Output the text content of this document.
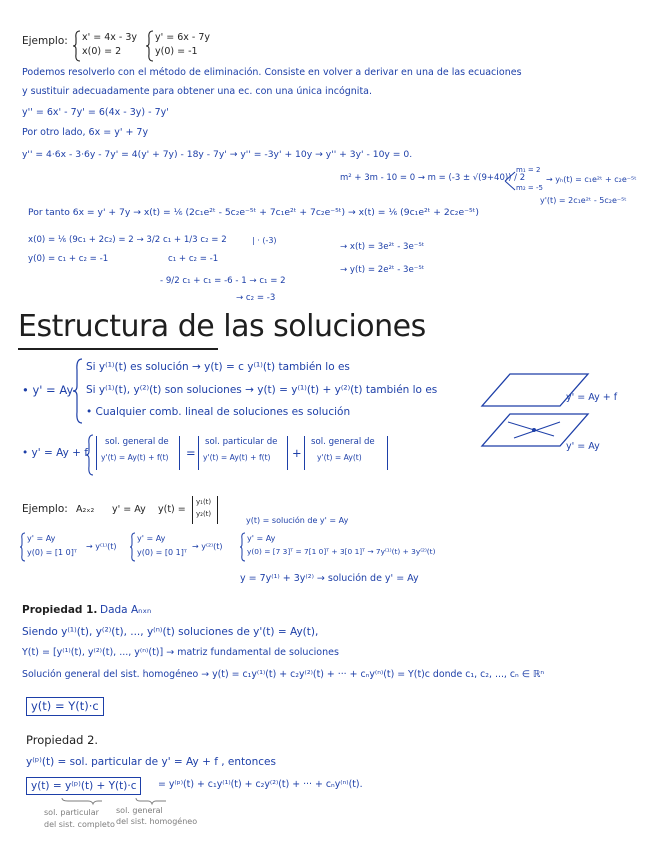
Ejemplo: x' = 4x - 3y
x(0) = 2
y' = 6x - 7y
y(0) = -1
Podemos resolverlo con el método de eliminación. Consiste en volver a derivar en una de las ecuaciones
y sustituir adecuadamente para obtener una ec. con una única incógnita.
y'' = 6x' - 7y' = 6(4x - 3y) - 7y'
Por otro lado, 6x = y' + 7y
y'' = 4·6x - 3·6y - 7y' = 4(y' + 7y) - 18y - 7y' → y'' = -3y' + 10y → y'' + 3y' - 10y = 0.
m² + 3m - 10 = 0 → m = (-3 ± √(9+40)) / 2
m₁ = 2
m₂ = -5
→ yₕ(t) = c₁e²ᵗ + c₂e⁻⁵ᵗ
y'(t) = 2c₁e²ᵗ - 5c₂e⁻⁵ᵗ
Por tanto 6x = y' + 7y → x(t) = ⅙ (2c₁e²ᵗ - 5c₂e⁻⁵ᵗ + 7c₁e²ᵗ + 7c₂e⁻⁵ᵗ) → x(t) = ⅙ (9c₁e²ᵗ + 2c₂e⁻⁵ᵗ)
x(0) = ⅙ (9c₁ + 2c₂) = 2 → 3/2 c₁ + 1/3 c₂ = 2	| · (-3)
y(0) = c₁ + c₂ = -1	c₁ + c₂ = -1
- 9/2 c₁ + c₁ = -6 - 1 → c₁ = 2
→ c₂ = -3
→ x(t) = 3e²ᵗ - 3e⁻⁵ᵗ
→ y(t) = 2e²ᵗ - 3e⁻⁵ᵗ
Estructura de las soluciones
• y' = Ay
Si y⁽¹⁾(t) es solución → y(t) = c y⁽¹⁾(t) también lo es
Si y⁽¹⁾(t), y⁽²⁾(t) son soluciones → y(t) = y⁽¹⁾(t) + y⁽²⁾(t) también lo es
• Cualquier comb. lineal de soluciones es solución
y' = Ay + f
y' = Ay
• y' = Ay + f
sol. general de
y'(t) = Ay(t) + f(t) =
sol. particular de
y'(t) = Ay(t) + f(t) +
sol. general de
y'(t) = Ay(t)
Ejemplo: A₂ₓ₂ y' = Ay y(t) =
y₁(t)
y₂(t)
y(t) = solución de y' = Ay
y' = Ay
y(0) = [1 0]ᵀ
→ y⁽¹⁾(t)
y' = Ay
y(0) = [0 1]ᵀ
→ y⁽²⁾(t)
y' = Ay
y(0) = [7 3]ᵀ = 7[1 0]ᵀ + 3[0 1]ᵀ → 7y⁽¹⁾(t) + 3y⁽²⁾(t)
y = 7y⁽¹⁾ + 3y⁽²⁾ → solución de y' = Ay
Propiedad 1. Dada Aₙₓₙ
Siendo y⁽¹⁾(t), y⁽²⁾(t), ..., y⁽ⁿ⁾(t) soluciones de y'(t) = Ay(t),
Y(t) = [y⁽¹⁾(t), y⁽²⁾(t), ..., y⁽ⁿ⁾(t)] → matriz fundamental de soluciones
Solución general del sist. homogéneo → y(t) = c₁y⁽¹⁾(t) + c₂y⁽²⁾(t) + ··· + cₙy⁽ⁿ⁾(t) = Y(t)c donde c₁, c₂, ..., cₙ ∈ ℝⁿ
y(t) = Y(t)·c
Propiedad 2.
y⁽ᵖ⁾(t) = sol. particular de y' = Ay + f , entonces
y(t) = y⁽ᵖ⁾(t) + Y(t)·c	= y⁽ᵖ⁾(t) + c₁y⁽¹⁾(t) + c₂y⁽²⁾(t) + ··· + cₙy⁽ⁿ⁾(t).
sol. particular
del sist. completo
sol. general
del sist. homogéneo
